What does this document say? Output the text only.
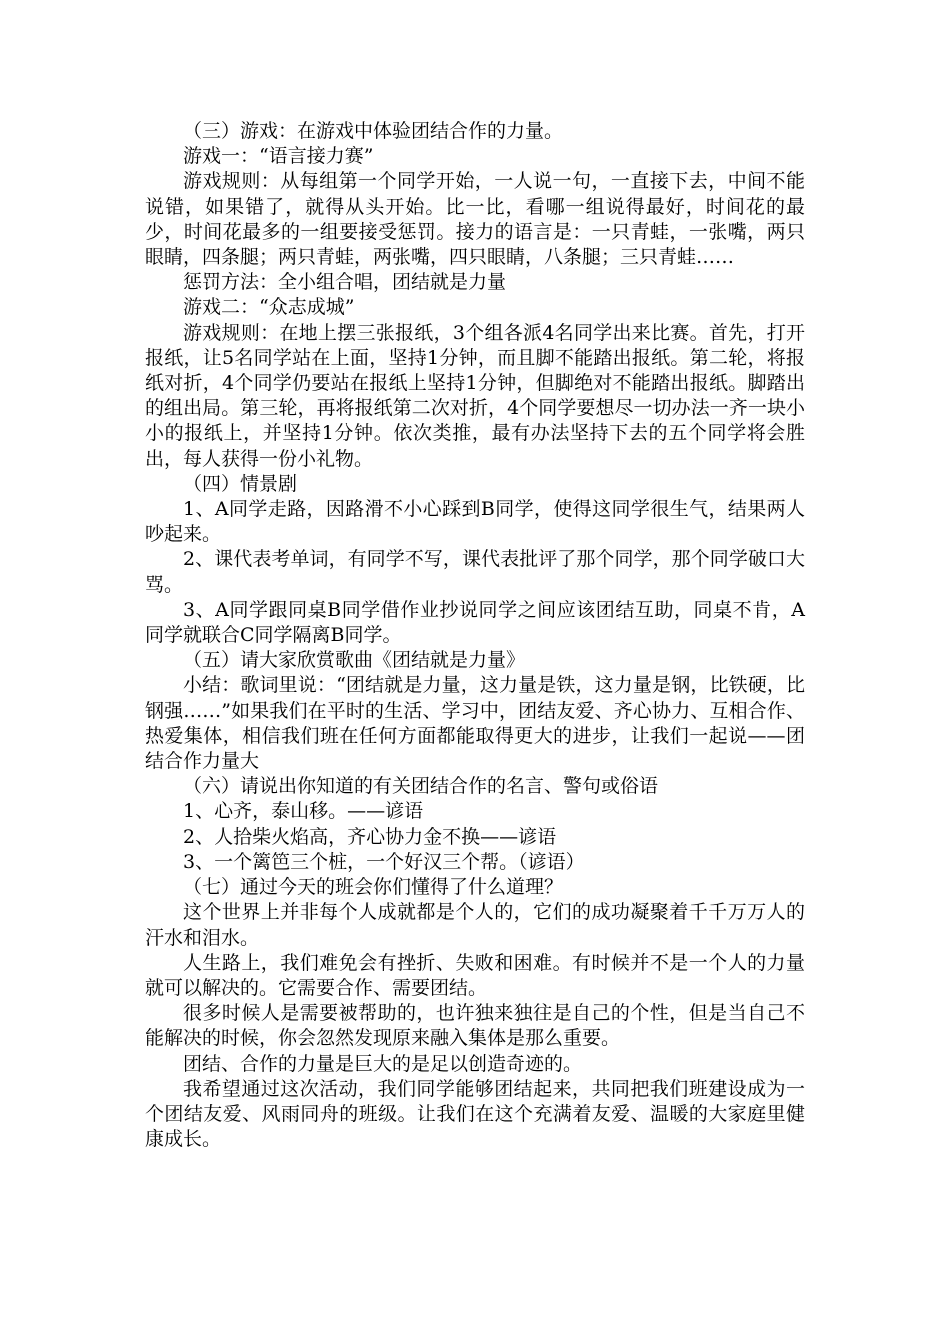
（三）游戏：在游戏中体验团结合作的力量。

游戏一：“语言接力赛”

游戏规则：从每组第一个同学开始，一人说一句，一直接下去，中间不能说错，如果错了，就得从头开始。比一比，看哪一组说得最好，时间花的最少，时间花最多的一组要接受惩罚。接力的语言是：一只青蛙，一张嘴，两只眼睛，四条腿；两只青蛙，两张嘴，四只眼睛，八条腿；三只青蛙……

惩罚方法：全小组合唱，团结就是力量

游戏二：“众志成城”

游戏规则：在地上摆三张报纸，3个组各派4名同学出来比赛。首先，打开报纸，让5名同学站在上面，坚持1分钟，而且脚不能踏出报纸。第二轮，将报纸对折，4个同学仍要站在报纸上坚持1分钟，但脚绝对不能踏出报纸。脚踏出的组出局。第三轮，再将报纸第二次对折，4个同学要想尽一切办法一齐一块小小的报纸上，并坚持1分钟。依次类推，最有办法坚持下去的五个同学将会胜出，每人获得一份小礼物。

（四）情景剧

1、A同学走路，因路滑不小心踩到B同学，使得这同学很生气，结果两人吵起来。

2、课代表考单词，有同学不写，课代表批评了那个同学，那个同学破口大骂。

3、A同学跟同桌B同学借作业抄说同学之间应该团结互助，同桌不肯，A同学就联合C同学隔离B同学。

（五）请大家欣赏歌曲《团结就是力量》

小结：歌词里说：“团结就是力量，这力量是铁，这力量是钢，比铁硬，比钢强……”如果我们在平时的生活、学习中，团结友爱、齐心协力、互相合作、热爱集体，相信我们班在任何方面都能取得更大的进步，让我们一起说——团结合作力量大

（六）请说出你知道的有关团结合作的名言、警句或俗语

1、心齐，泰山移。——谚语

2、人拾柴火焰高，齐心协力金不换——谚语

3、一个篱笆三个桩，一个好汉三个帮。（谚语）

（七）通过今天的班会你们懂得了什么道理？

这个世界上并非每个人成就都是个人的，它们的成功凝聚着千千万万人的汗水和泪水。

人生路上，我们难免会有挫折、失败和困难。有时候并不是一个人的力量就可以解决的。它需要合作、需要团结。

很多时候人是需要被帮助的，也许独来独往是自己的个性，但是当自己不能解决的时候，你会忽然发现原来融入集体是那么重要。

团结、合作的力量是巨大的是足以创造奇迹的。

我希望通过这次活动，我们同学能够团结起来，共同把我们班建设成为一个团结友爱、风雨同舟的班级。让我们在这个充满着友爱、温暖的大家庭里健康成长。
